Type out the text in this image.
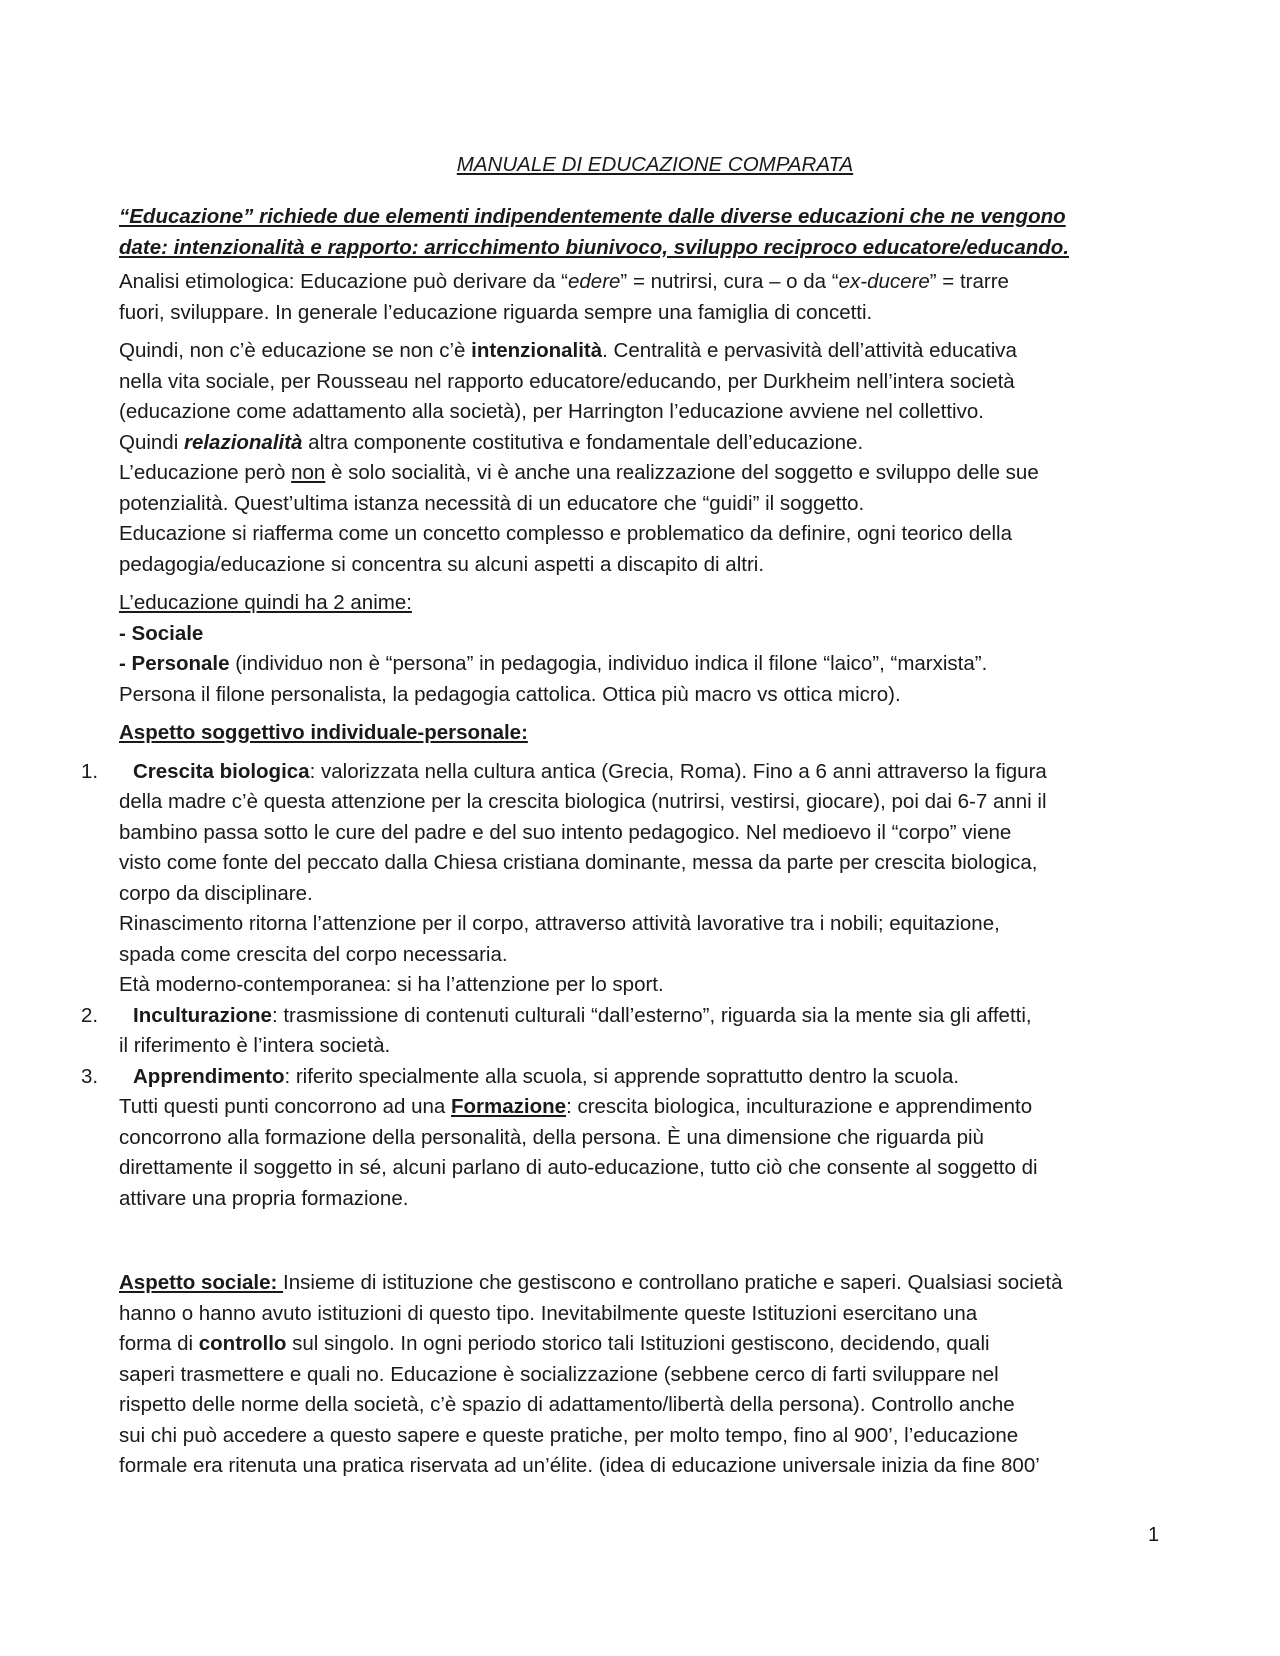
MANUALE DI EDUCAZIONE COMPARATA
“Educazione” richiede due elementi indipendentemente dalle diverse educazioni che ne vengono
date: intenzionalità e rapporto: arricchimento biunivoco, sviluppo reciproco educatore/educando.

Analisi etimologica: Educazione può derivare da “edere” = nutrirsi, cura – o da “ex-ducere” = trarre
fuori, sviluppare. In generale l’educazione riguarda sempre una famiglia di concetti.

Quindi, non c’è educazione se non c’è intenzionalità. Centralità e pervasività dell’attività educativa
nella vita sociale, per Rousseau nel rapporto educatore/educando, per Durkheim nell’intera società
(educazione come adattamento alla società), per Harrington l’educazione avviene nel collettivo.
Quindi relazionalità altra componente costitutiva e fondamentale dell’educazione.
L’educazione però non è solo socialità, vi è anche una realizzazione del soggetto e sviluppo delle sue
potenzialità. Quest’ultima istanza necessità di un educatore che “guidi” il soggetto.
Educazione si riafferma come un concetto complesso e problematico da definire, ogni teorico della
pedagogia/educazione si concentra su alcuni aspetti a discapito di altri.

L’educazione quindi ha 2 anime:
- Sociale
- Personale (individuo non è “persona” in pedagogia, individuo indica il filone “laico”, “marxista”.
Persona il filone personalista, la pedagogia cattolica. Ottica più macro vs ottica micro).

Aspetto soggettivo individuale-personale:
1.	Crescita biologica: valorizzata nella cultura antica (Grecia, Roma). Fino a 6 anni attraverso la figura
della madre c’è questa attenzione per la crescita biologica (nutrirsi, vestirsi, giocare), poi dai 6-7 anni il
bambino passa sotto le cure del padre e del suo intento pedagogico. Nel medioevo il “corpo” viene
visto come fonte del peccato dalla Chiesa cristiana dominante, messa da parte per crescita biologica,
corpo da disciplinare.
Rinascimento ritorna l’attenzione per il corpo, attraverso attività lavorative tra i nobili; equitazione,
spada come crescita del corpo necessaria.
Età moderno-contemporanea: si ha l’attenzione per lo sport.
2.	Inculturazione: trasmissione di contenuti culturali “dall’esterno”, riguarda sia la mente sia gli affetti,
il riferimento è l’intera società.
3.	Apprendimento: riferito specialmente alla scuola, si apprende soprattutto dentro la scuola.
Tutti questi punti concorrono ad una Formazione: crescita biologica, inculturazione e apprendimento
concorrono alla formazione della personalità, della persona. È una dimensione che riguarda più
direttamente il soggetto in sé, alcuni parlano di auto-educazione, tutto ciò che consente al soggetto di
attivare una propria formazione.

Aspetto sociale: Insieme di istituzione che gestiscono e controllano pratiche e saperi. Qualsiasi società
hanno o hanno avuto istituzioni di questo tipo. Inevitabilmente queste Istituzioni esercitano una
forma di controllo sul singolo. In ogni periodo storico tali Istituzioni gestiscono, decidendo, quali
saperi trasmettere e quali no. Educazione è socializzazione (sebbene cerco di farti sviluppare nel
rispetto delle norme della società, c’è spazio di adattamento/libertà della persona). Controllo anche
sui chi può accedere a questo sapere e queste pratiche, per molto tempo, fino al 900’, l’educazione
formale era ritenuta una pratica riservata ad un’élite. (idea di educazione universale inizia da fine 800’

1
